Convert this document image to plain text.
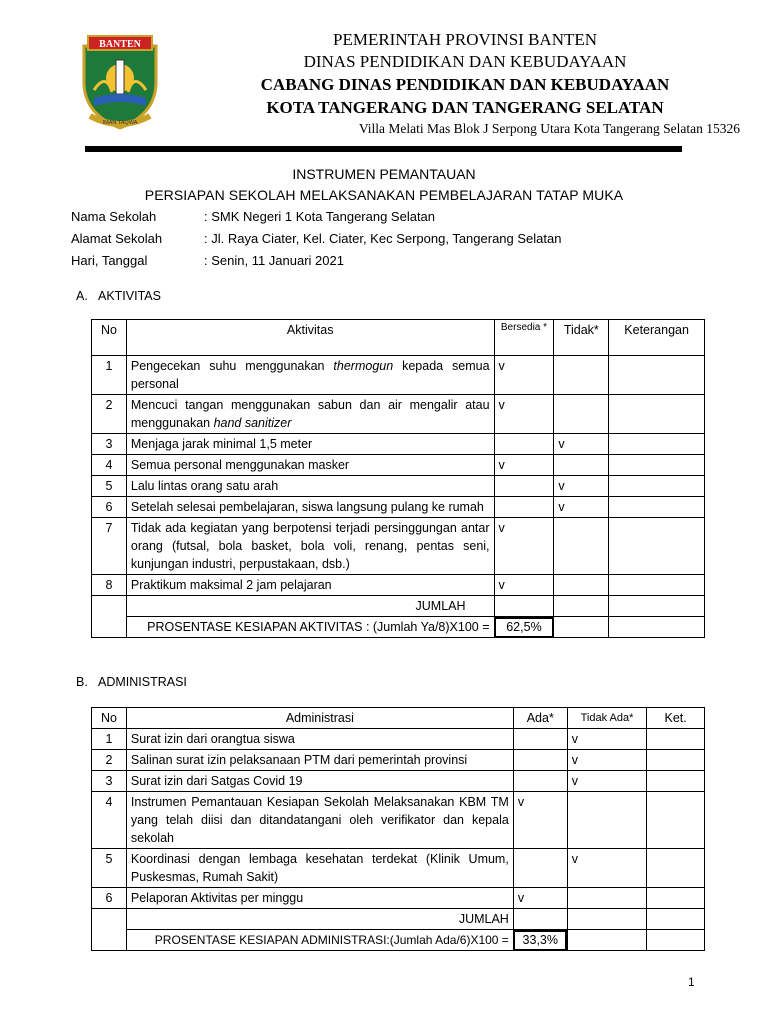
BANTEN
IMAN TAQWA
PEMERINTAH PROVINSI BANTEN
DINAS PENDIDIKAN DAN KEBUDAYAAN
CABANG DINAS PENDIDIKAN DAN KEBUDAYAAN
KOTA TANGERANG DAN TANGERANG SELATAN
Villa Melati Mas Blok J Serpong Utara Kota Tangerang Selatan 15326
INSTRUMEN PEMANTAUAN
PERSIAPAN SEKOLAH MELAKSANAKAN PEMBELAJARAN TATAP MUKA
Nama Sekolah	: SMK Negeri 1 Kota Tangerang Selatan
Alamat Sekolah	: Jl. Raya Ciater, Kel. Ciater, Kec Serpong, Tangerang Selatan
Hari, Tanggal	: Senin, 11 Januari 2021
A. AKTIVITAS
No	Aktivitas	Bersedia *	Tidak*	Keterangan
1	Pengecekan suhu menggunakan thermogun kepada semua personal	v		
2	Mencuci tangan menggunakan sabun dan air mengalir atau menggunakan hand sanitizer	v		
3	Menjaga jarak minimal 1,5 meter		v	
4	Semua personal menggunakan masker	v		
5	Lalu lintas orang satu arah		v	
6	Setelah selesai pembelajaran, siswa langsung pulang ke rumah		v	
7	Tidak ada kegiatan yang berpotensi terjadi persinggungan antar orang (futsal, bola basket, bola voli, renang, pentas seni, kunjungan industri, perpustakaan, dsb.)	v		
8	Praktikum maksimal 2 jam pelajaran	v		
	JUMLAH			
	PROSENTASE KESIAPAN AKTIVITAS : (Jumlah Ya/8)X100 =	62,5%		
B. ADMINISTRASI
No	Administrasi	Ada*	Tidak Ada*	Ket.
1	Surat izin dari orangtua siswa		v	
2	Salinan surat izin pelaksanaan PTM dari pemerintah provinsi		v	
3	Surat izin dari Satgas Covid 19		v	
4	Instrumen Pemantauan Kesiapan Sekolah Melaksanakan KBM TM yang telah diisi dan ditandatangani oleh verifikator dan kepala sekolah	v		
5	Koordinasi dengan lembaga kesehatan terdekat (Klinik Umum, Puskesmas, Rumah Sakit)		v	
6	Pelaporan Aktivitas per minggu	v		
	JUMLAH			
	PROSENTASE KESIAPAN ADMINISTRASI:(Jumlah Ada/6)X100 =	33,3%		
1
